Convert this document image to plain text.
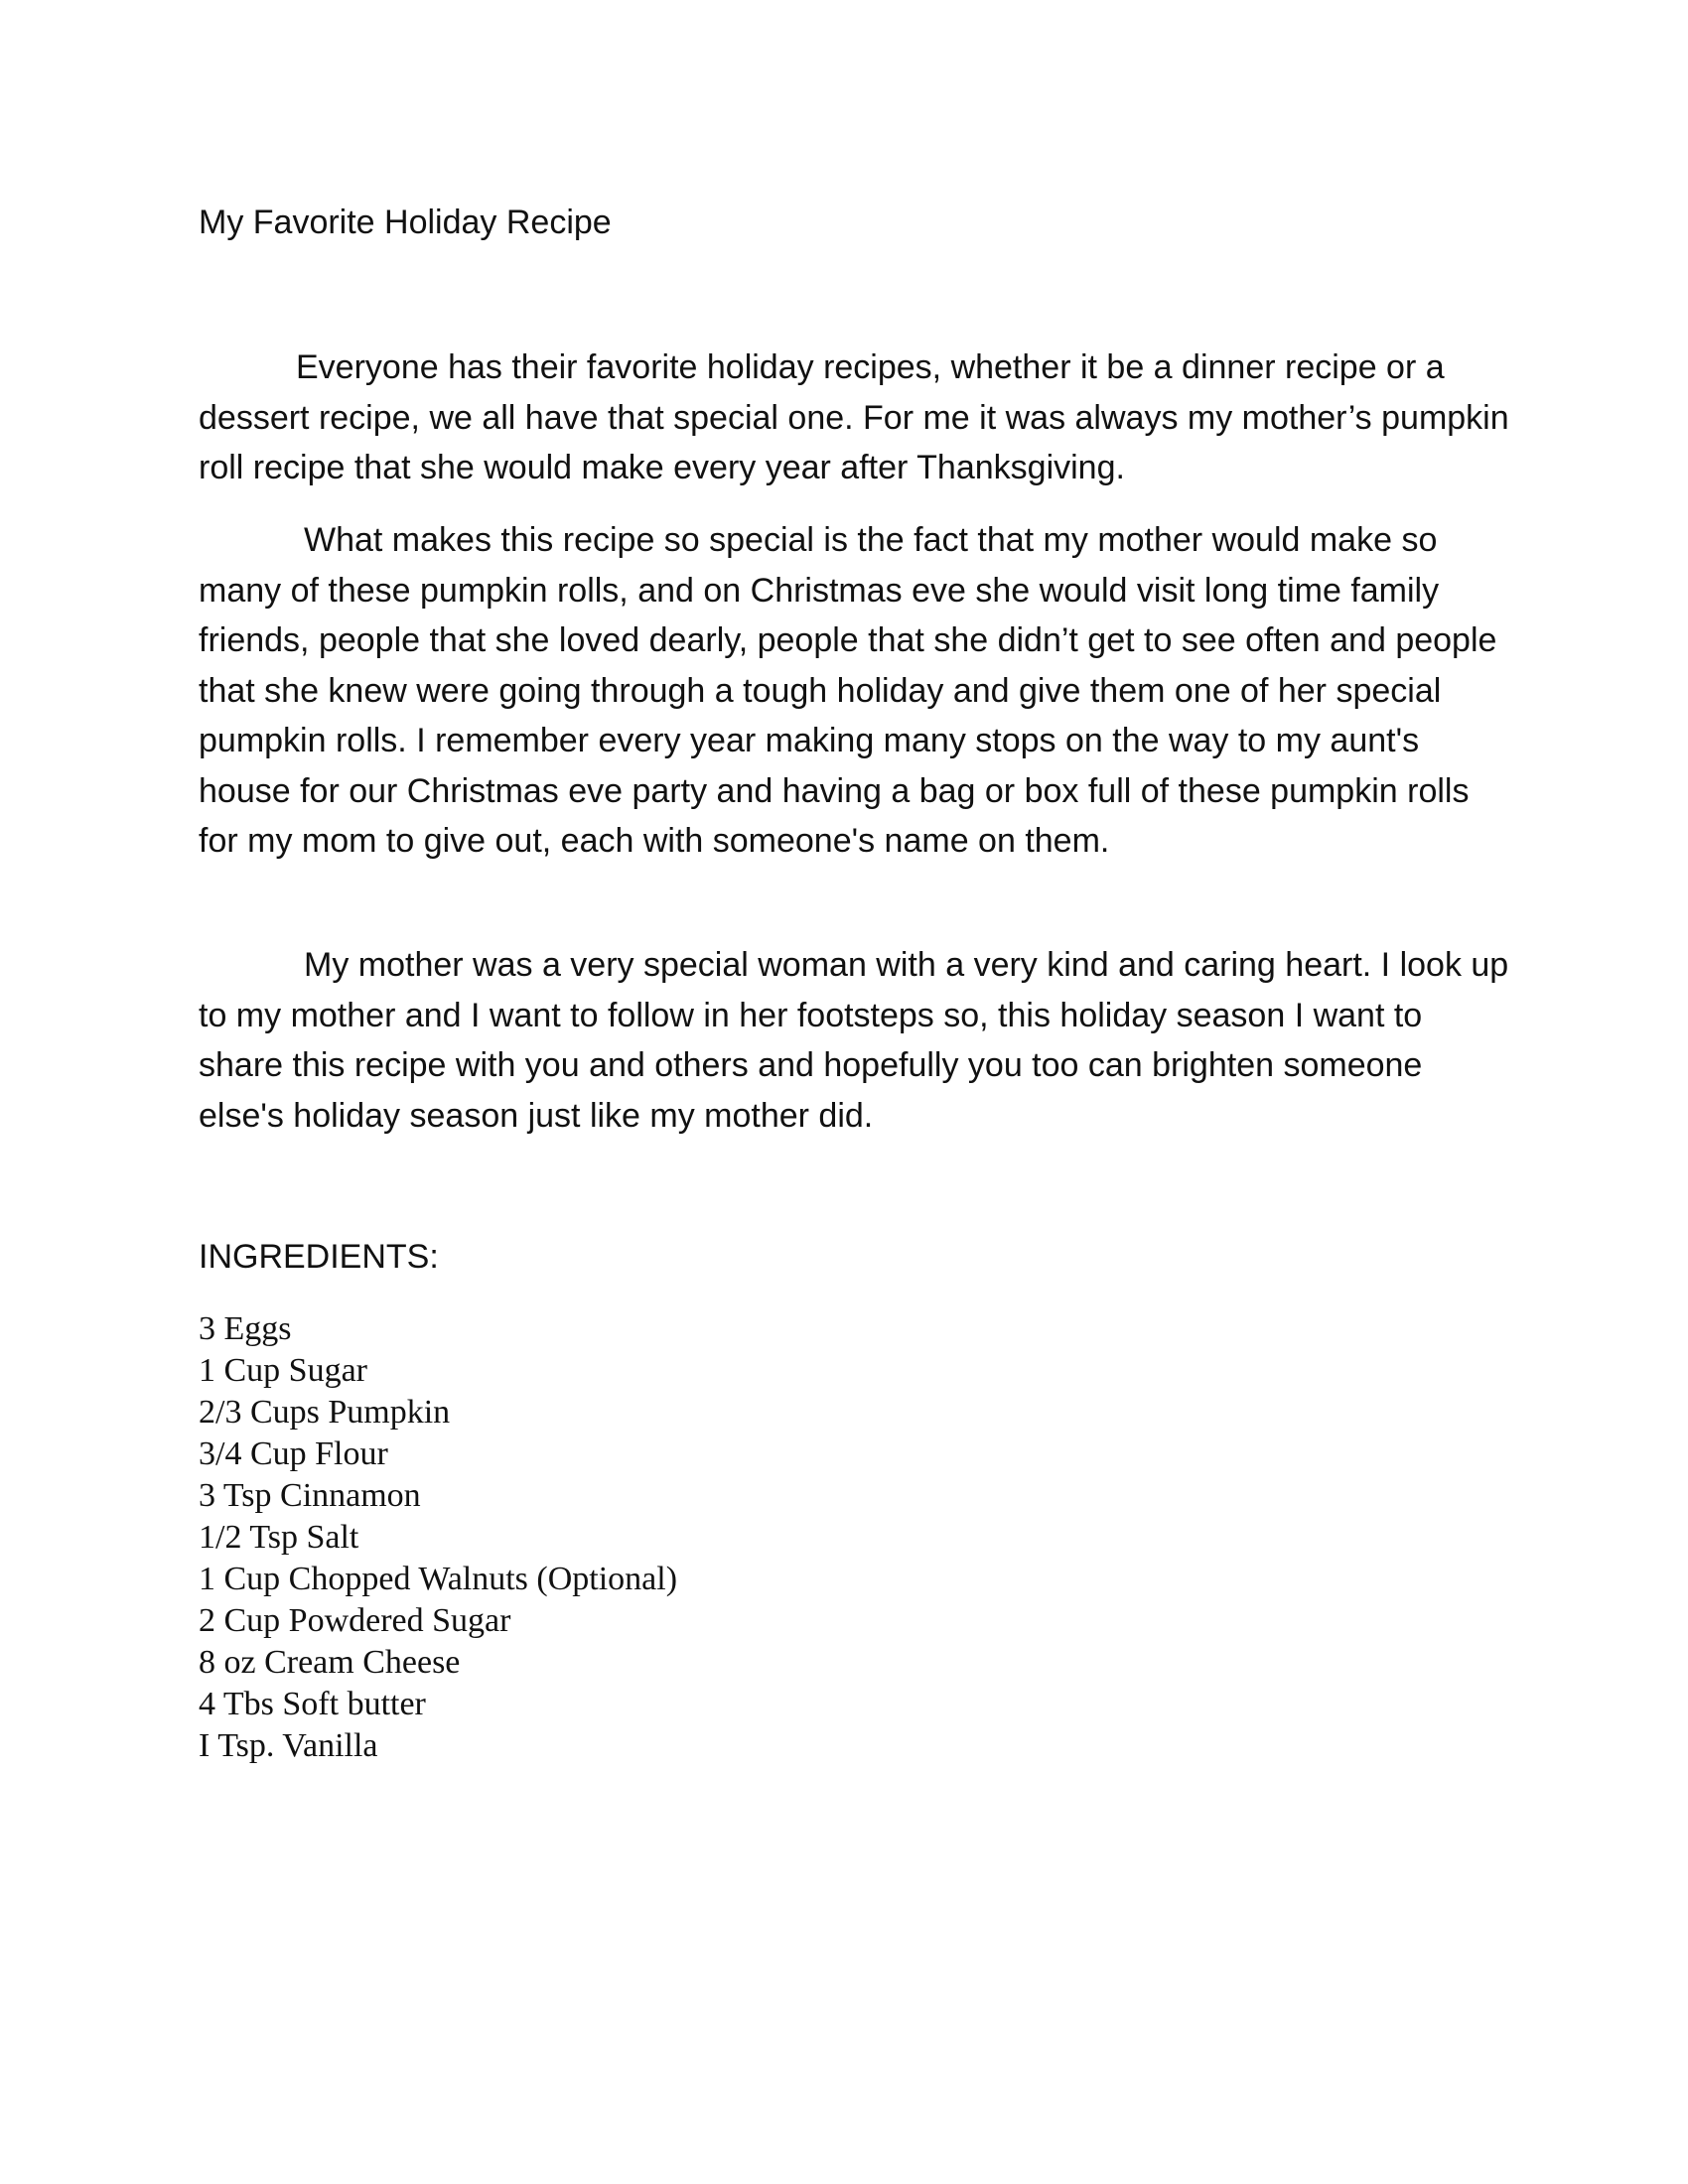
My Favorite Holiday Recipe

Everyone has their favorite holiday recipes, whether it be a dinner recipe or a dessert recipe, we all have that special one. For me it was always my mother’s pumpkin roll recipe that she would make every year after Thanksgiving.

What makes this recipe so special is the fact that my mother would make so many of these pumpkin rolls, and on Christmas eve she would visit long time family friends, people that she loved dearly, people that she didn’t get to see often and people that she knew were going through a tough holiday and give them one of her special pumpkin rolls. I remember every year making many stops on the way to my aunt's house for our Christmas eve party and having a bag or box full of these pumpkin rolls for my mom to give out, each with someone's name on them.

My mother was a very special woman with a very kind and caring heart. I look up to my mother and I want to follow in her footsteps so, this holiday season I want to share this recipe with you and others and hopefully you too can brighten someone else's holiday season just like my mother did.

INGREDIENTS:
3 Eggs
1 Cup Sugar
2/3 Cups Pumpkin
3/4 Cup Flour
3 Tsp Cinnamon
1/2 Tsp Salt
1 Cup Chopped Walnuts (Optional)
2 Cup Powdered Sugar
8 oz Cream Cheese
4 Tbs Soft butter
I Tsp. Vanilla
